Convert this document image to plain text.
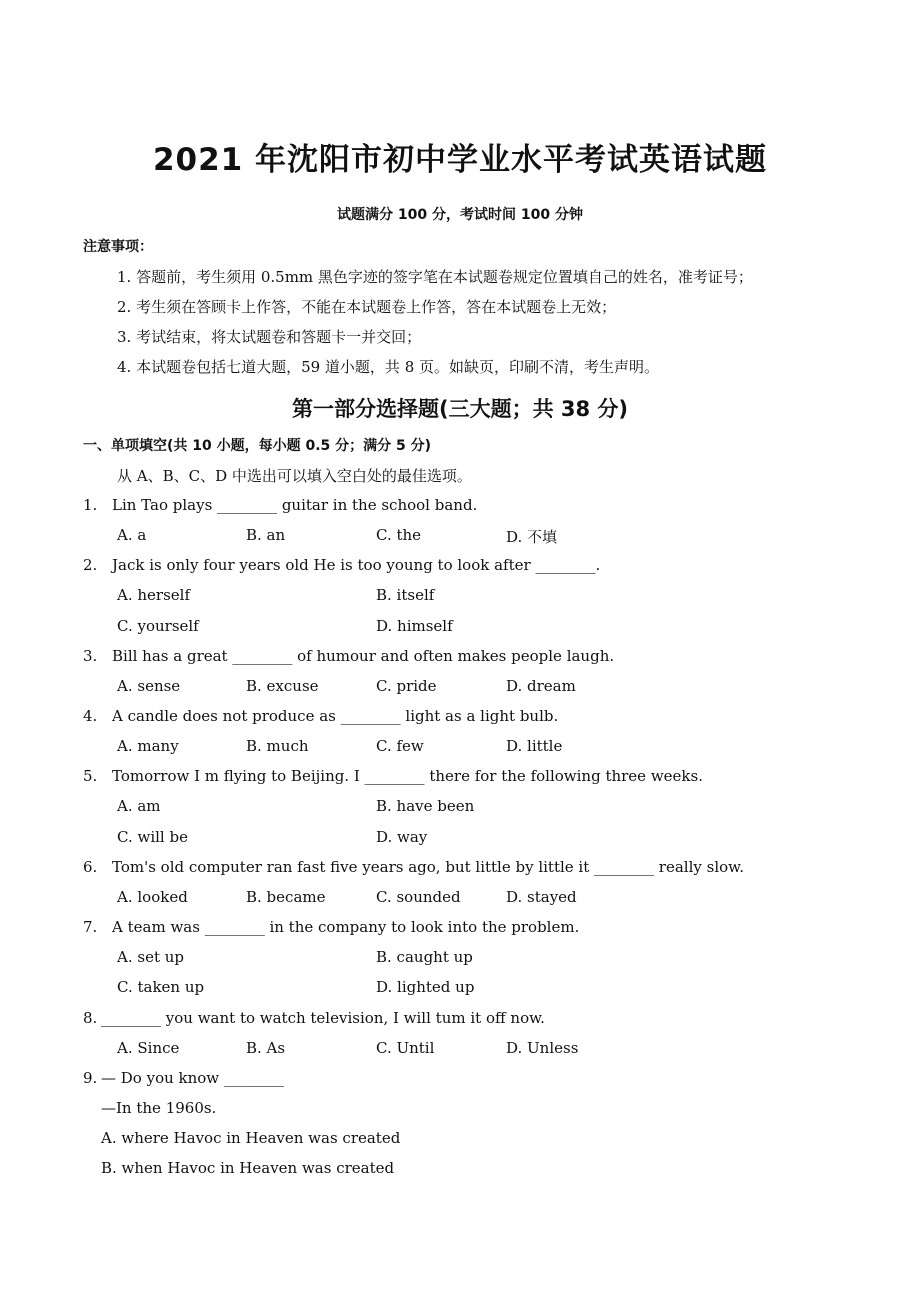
2021 年沈阳市初中学业水平考试英语试题
试题满分 100 分，考试时间 100 分钟
注意事项：
1. 答题前，考生须用 0.5mm 黑色字迹的签字笔在本试题卷规定位置填自己的姓名，准考证号；
2. 考生须在答顾卡上作答，不能在本试题卷上作答，答在本试题卷上无效；
3. 考试结束，将太试题卷和答题卡一并交回；
4. 本试题卷包括七道大题，59 道小题，共 8 页。如缺页，印刷不清，考生声明。
第一部分选择题(三大题；共 38 分)
一、单项填空(共 10 小题，每小题 0.5 分；满分 5 分)
从 A、B、C、D 中选出可以填入空白处的最佳选项。
1. Lin Tao plays ________ guitar in the school band.
A. a	B. an	C. the	D. 不填
2. Jack is only four years old He is too young to look after ________.
A. herself	B. itself
C. yourself	D. himself
3. Bill has a great ________ of humour and often makes people laugh.
A. sense	B. excuse	C. pride	D. dream
4. A candle does not produce as ________ light as a light bulb.
A. many	B. much	C. few	D. little
5. Tomorrow I m flying to Beijing. I ________ there for the following three weeks.
A. am	B. have been
C. will be	D. way
6. Tom's old computer ran fast five years ago, but little by little it ________ really slow.
A. looked	B. became	C. sounded	D. stayed
7. A team was ________ in the company to look into the problem.
A. set up	B. caught up
C. taken up	D. lighted up
8. ________ you want to watch television, I will tum it off now.
A. Since	B. As	C. Until	D. Unless
9. — Do you know ________
—In the 1960s.
A. where Havoc in Heaven was created
B. when Havoc in Heaven was created
